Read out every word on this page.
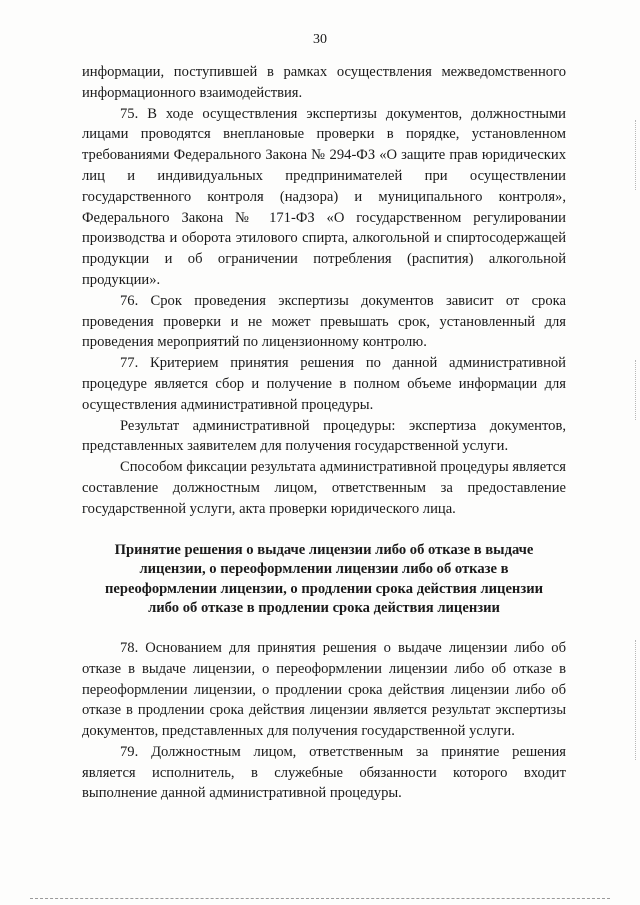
30

информации, поступившей в рамках осуществления межведомственного информационного взаимодействия.

75. В ходе осуществления экспертизы документов, должностными лицами проводятся внеплановые проверки в порядке, установленном требованиями Федерального Закона № 294-ФЗ «О защите прав юридических лиц и индивидуальных предпринимателей при осуществлении государственного контроля (надзора) и муниципального контроля», Федерального Закона № 171-ФЗ «О государственном регулировании производства и оборота этилового спирта, алкогольной и спиртосодержащей продукции и об ограничении потребления (распития) алкогольной продукции».

76. Срок проведения экспертизы документов зависит от срока проведения проверки и не может превышать срок, установленный для проведения мероприятий по лицензионному контролю.

77. Критерием принятия решения по данной административной процедуре является сбор и получение в полном объеме информации для осуществления административной процедуры.

Результат административной процедуры: экспертиза документов, представленных заявителем для получения государственной услуги.

Способом фиксации результата административной процедуры является составление должностным лицом, ответственным за предоставление государственной услуги, акта проверки юридического лица.

Принятие решения о выдаче лицензии либо об отказе в выдаче
лицензии, о переоформлении лицензии либо об отказе в
переоформлении лицензии, о продлении срока действия лицензии
либо об отказе в продлении срока действия лицензии

78. Основанием для принятия решения о выдаче лицензии либо об отказе в выдаче лицензии, о переоформлении лицензии либо об отказе в переоформлении лицензии, о продлении срока действия лицензии либо об отказе в продлении срока действия лицензии является результат экспертизы документов, представленных для получения государственной услуги.

79. Должностным лицом, ответственным за принятие решения является исполнитель, в служебные обязанности которого входит выполнение данной административной процедуры.
